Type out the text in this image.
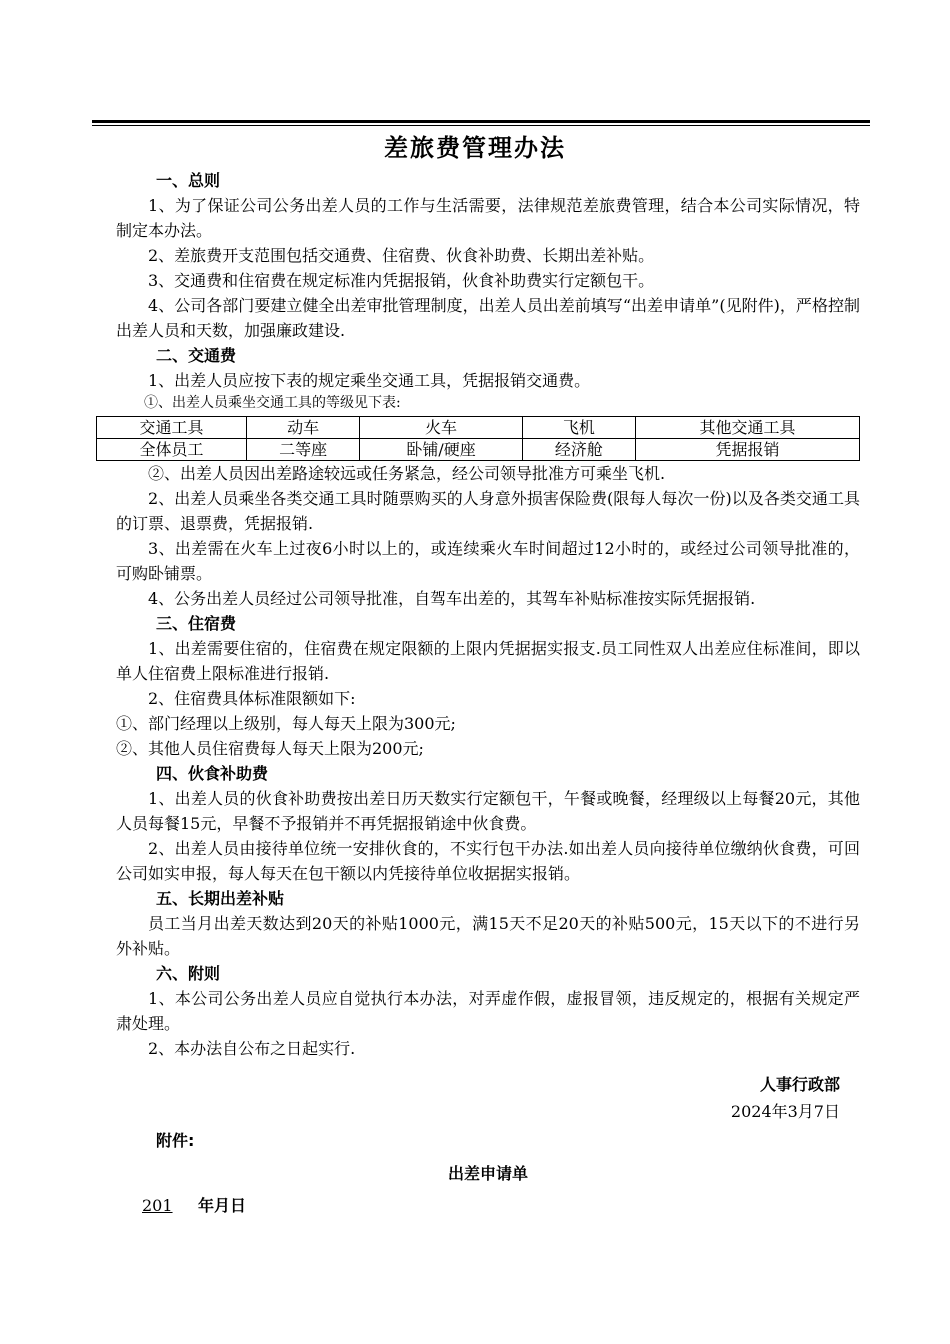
差旅费管理办法

一、总则

1、为了保证公司公务出差人员的工作与生活需要，法律规范差旅费管理，结合本公司实际情况，特制定本办法。

2、差旅费开支范围包括交通费、住宿费、伙食补助费、长期出差补贴。

3、交通费和住宿费在规定标准内凭据报销，伙食补助费实行定额包干。

4、公司各部门要建立健全出差审批管理制度，出差人员出差前填写“出差申请单”(见附件)，严格控制出差人员和天数，加强廉政建设.

二、交通费

1、出差人员应按下表的规定乘坐交通工具，凭据报销交通费。

①、出差人员乘坐交通工具的等级见下表:

交通工具	动车	火车	飞机	其他交通工具
全体员工	二等座	卧铺/硬座	经济舱	凭据报销

②、出差人员因出差路途较远或任务紧急，经公司领导批准方可乘坐飞机.

2、出差人员乘坐各类交通工具时随票购买的人身意外损害保险费(限每人每次一份)以及各类交通工具的订票、退票费，凭据报销.

3、出差需在火车上过夜6小时以上的，或连续乘火车时间超过12小时的，或经过公司领导批准的，可购卧铺票。

4、公务出差人员经过公司领导批准，自驾车出差的，其驾车补贴标准按实际凭据报销.

三、住宿费

1、出差需要住宿的，住宿费在规定限额的上限内凭据据实报支.员工同性双人出差应住标准间，即以单人住宿费上限标准进行报销.

2、住宿费具体标准限额如下:

①、部门经理以上级别，每人每天上限为300元;

②、其他人员住宿费每人每天上限为200元;

四、伙食补助费

1、出差人员的伙食补助费按出差日历天数实行定额包干，午餐或晚餐，经理级以上每餐20元，其他人员每餐15元，早餐不予报销并不再凭据报销途中伙食费。

2、出差人员由接待单位统一安排伙食的，不实行包干办法.如出差人员向接待单位缴纳伙食费，可回公司如实申报，每人每天在包干额以内凭接待单位收据据实报销。

五、长期出差补贴

员工当月出差天数达到20天的补贴1000元，满15天不足20天的补贴500元，15天以下的不进行另外补贴。

六、附则

1、本公司公务出差人员应自觉执行本办法，对弄虚作假，虚报冒领，违反规定的，根据有关规定严肃处理。

2、本办法自公布之日起实行.

人事行政部

2024年3月7日

附件:

出差申请单

201 年月日
